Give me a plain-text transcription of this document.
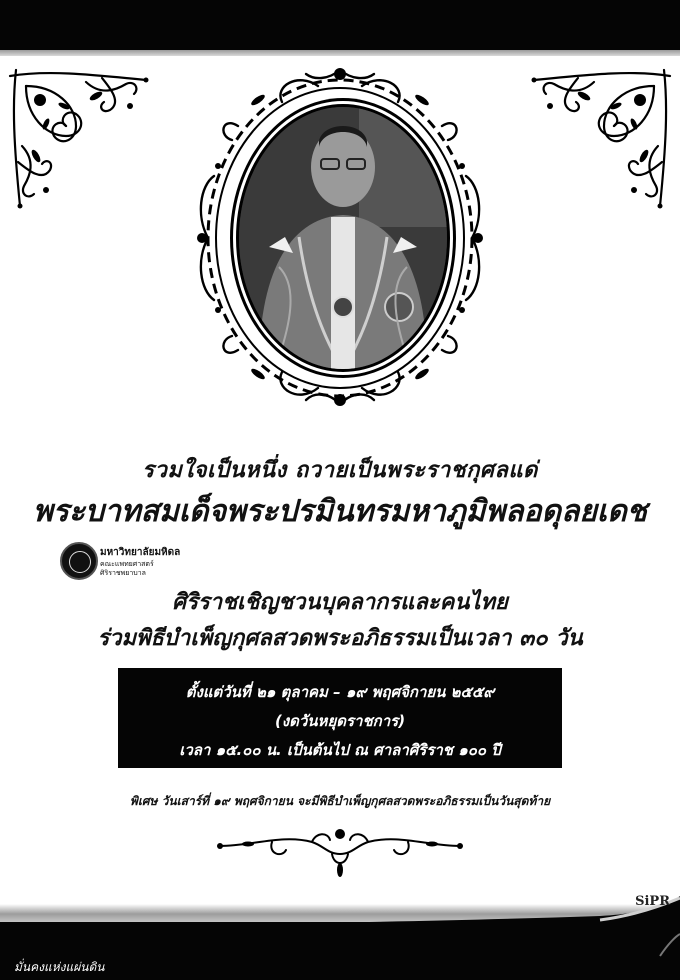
รวมใจเป็นหนึ่ง ถวายเป็นพระราชกุศลแด่
พระบาทสมเด็จพระปรมินทรมหาภูมิพลอดุลยเดช
มหาวิทยาลัยมหิดล
คณะแพทยศาสตร์
ศิริราชพยาบาล
ศิริราชเชิญชวนบุคลากรและคนไทย
ร่วมพิธีบำเพ็ญกุศลสวดพระอภิธรรมเป็นเวลา ๓๐ วัน
ตั้งแต่วันที่ ๒๑ ตุลาคม – ๑๙ พฤศจิกายน ๒๕๕๙
(งดวันหยุดราชการ)
เวลา ๑๕.๐๐ น. เป็นต้นไป ณ ศาลาศิริราช ๑๐๐ ปี
พิเศษ วันเสาร์ที่ ๑๙ พฤศจิกายน จะมีพิธีบำเพ็ญกุศลสวดพระอภิธรรมเป็นวันสุดท้าย
SiPR
มั่นคงแห่งแผ่นดิน
